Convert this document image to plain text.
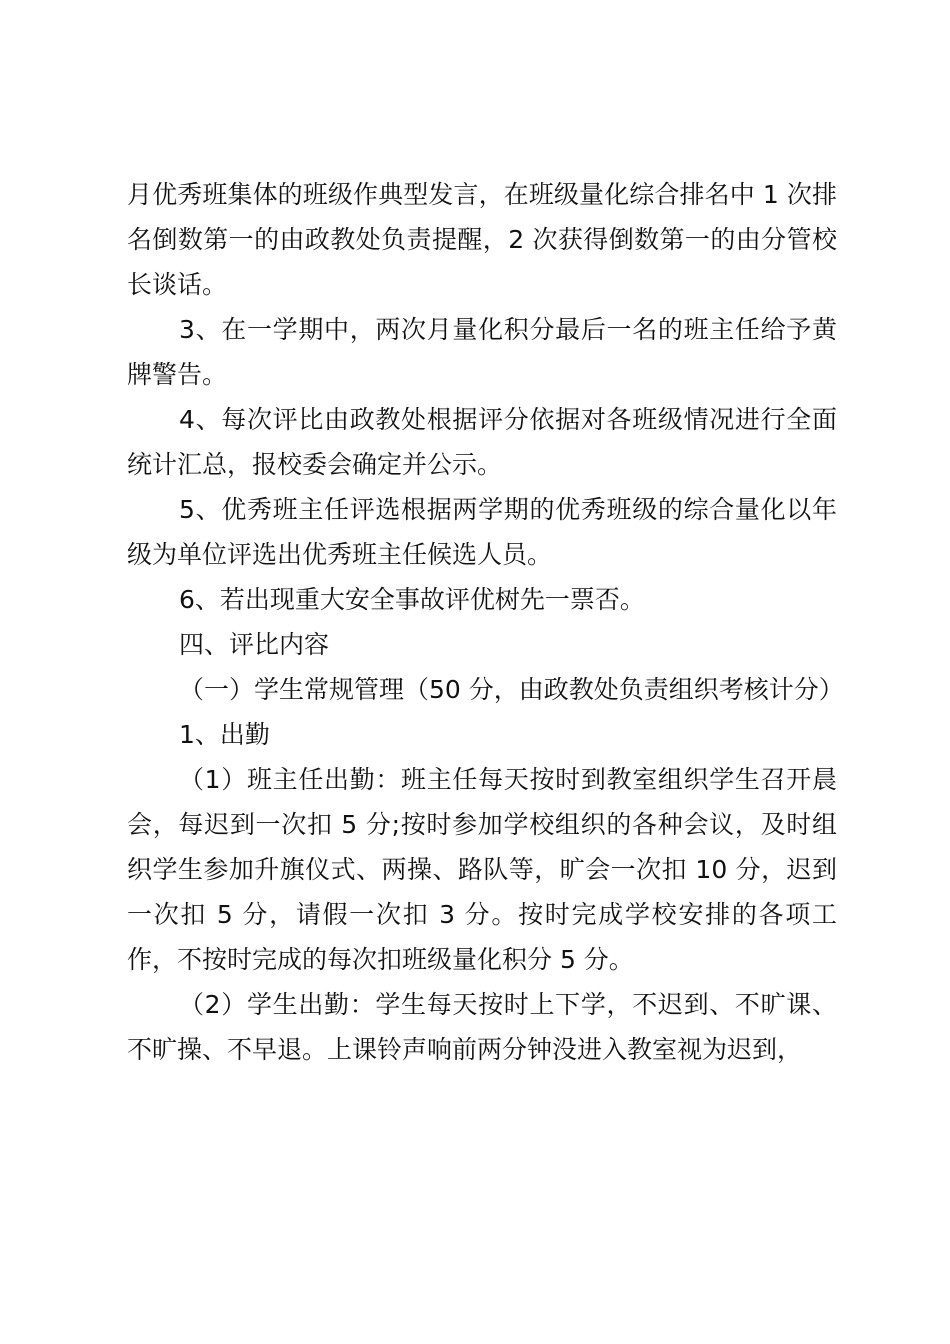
月优秀班集体的班级作典型发言，在班级量化综合排名中 1 次排名倒数第一的由政教处负责提醒，2 次获得倒数第一的由分管校长谈话。

3、在一学期中，两次月量化积分最后一名的班主任给予黄牌警告。

4、每次评比由政教处根据评分依据对各班级情况进行全面统计汇总，报校委会确定并公示。

5、优秀班主任评选根据两学期的优秀班级的综合量化以年级为单位评选出优秀班主任候选人员。

6、若出现重大安全事故评优树先一票否。

四、评比内容

（一）学生常规管理（50 分，由政教处负责组织考核计分）

1、出勤

（1）班主任出勤：班主任每天按时到教室组织学生召开晨会，每迟到一次扣 5 分;按时参加学校组织的各种会议，及时组织学生参加升旗仪式、两操、路队等，旷会一次扣 10 分，迟到一次扣 5 分，请假一次扣 3 分。按时完成学校安排的各项工作，不按时完成的每次扣班级量化积分 5 分。

（2）学生出勤：学生每天按时上下学，不迟到、不旷课、不旷操、不早退。上课铃声响前两分钟没进入教室视为迟到，
